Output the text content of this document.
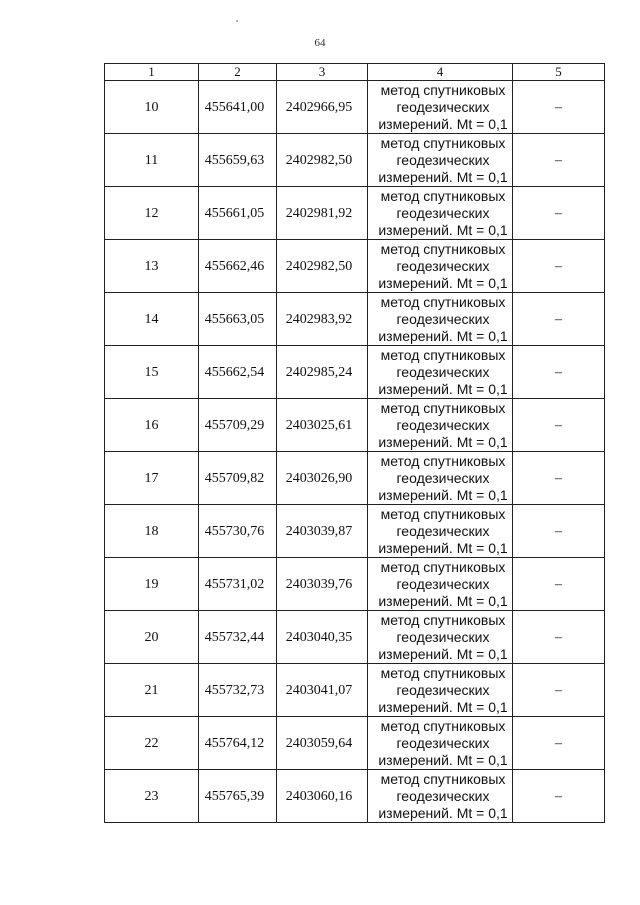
64
1	2	3	4	5
10	455641,00	2402966,95	метод спутниковых
геодезических
измерений. Mt = 0,1	–
11	455659,63	2402982,50	метод спутниковых
геодезических
измерений. Mt = 0,1	–
12	455661,05	2402981,92	метод спутниковых
геодезических
измерений. Mt = 0,1	–
13	455662,46	2402982,50	метод спутниковых
геодезических
измерений. Mt = 0,1	–
14	455663,05	2402983,92	метод спутниковых
геодезических
измерений. Mt = 0,1	–
15	455662,54	2402985,24	метод спутниковых
геодезических
измерений. Mt = 0,1	–
16	455709,29	2403025,61	метод спутниковых
геодезических
измерений. Mt = 0,1	–
17	455709,82	2403026,90	метод спутниковых
геодезических
измерений. Mt = 0,1	–
18	455730,76	2403039,87	метод спутниковых
геодезических
измерений. Mt = 0,1	–
19	455731,02	2403039,76	метод спутниковых
геодезических
измерений. Mt = 0,1	–
20	455732,44	2403040,35	метод спутниковых
геодезических
измерений. Mt = 0,1	–
21	455732,73	2403041,07	метод спутниковых
геодезических
измерений. Mt = 0,1	–
22	455764,12	2403059,64	метод спутниковых
геодезических
измерений. Mt = 0,1	–
23	455765,39	2403060,16	метод спутниковых
геодезических
измерений. Mt = 0,1	–
